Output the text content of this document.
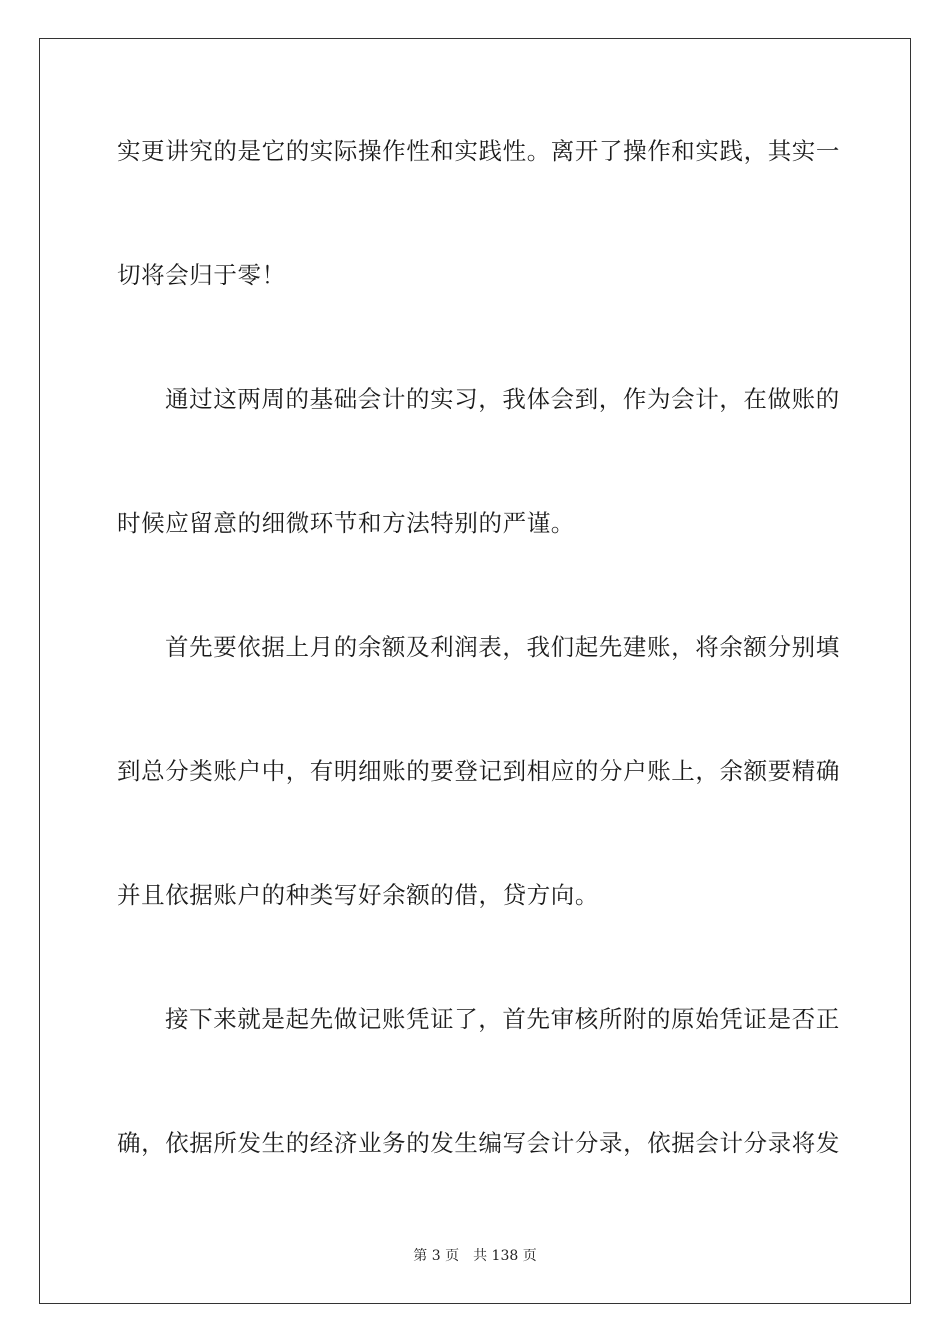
实更讲究的是它的实际操作性和实践性。离开了操作和实践，其实一
切将会归于零！
通过这两周的基础会计的实习，我体会到，作为会计，在做账的
时候应留意的细微环节和方法特别的严谨。
首先要依据上月的余额及利润表，我们起先建账，将余额分别填
到总分类账户中，有明细账的要登记到相应的分户账上，余额要精确
并且依据账户的种类写好余额的借，贷方向。
接下来就是起先做记账凭证了，首先审核所附的原始凭证是否正
确，依据所发生的经济业务的发生编写会计分录，依据会计分录将发
第 3 页 共 138 页
